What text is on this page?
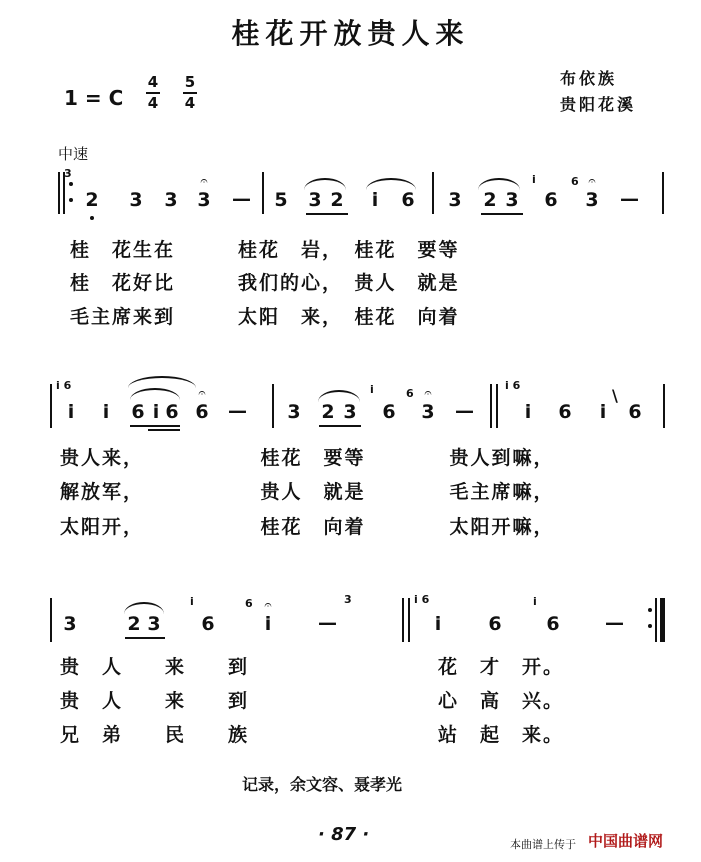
桂花开放贵人来
1 = C
4
4
5
4
布依族
贵阳花溪
中速
3
2 3 3 3
𝄐
— 5 3 2 i 6 3 2 3
i
6
6
3
𝄐
—
桂　花生在　　　桂花　岩，　桂花　要等
桂　花好比　　　我们的心，　贵人　就是
毛主席来到　　　太阳　来，　桂花　向着
i 6
i i 6 i 6 6
𝄐
— 3 2 3
i
6
6
3
𝄐
—
i 6
i 6 i
\
6
贵人来，　　　　　　桂花　要等　　　　贵人到嘛，
解放军，　　　　　　贵人　就是　　　　毛主席嘛，
太阳开，　　　　　　桂花　向着　　　　太阳开嘛，
3	2 3
i
6
6
i
𝄐
—
3	i 6
i 6
i
6 —
贵　人　　来　　到　　　　　　　　　花　才　开。
贵　人　　来　　到　　　　　　　　　心　高　兴。
兄　弟　　民　　族　　　　　　　　　站　起　来。
记录，余文容、聂孝光
· 87 ·	本曲谱上传于 中国曲谱网
